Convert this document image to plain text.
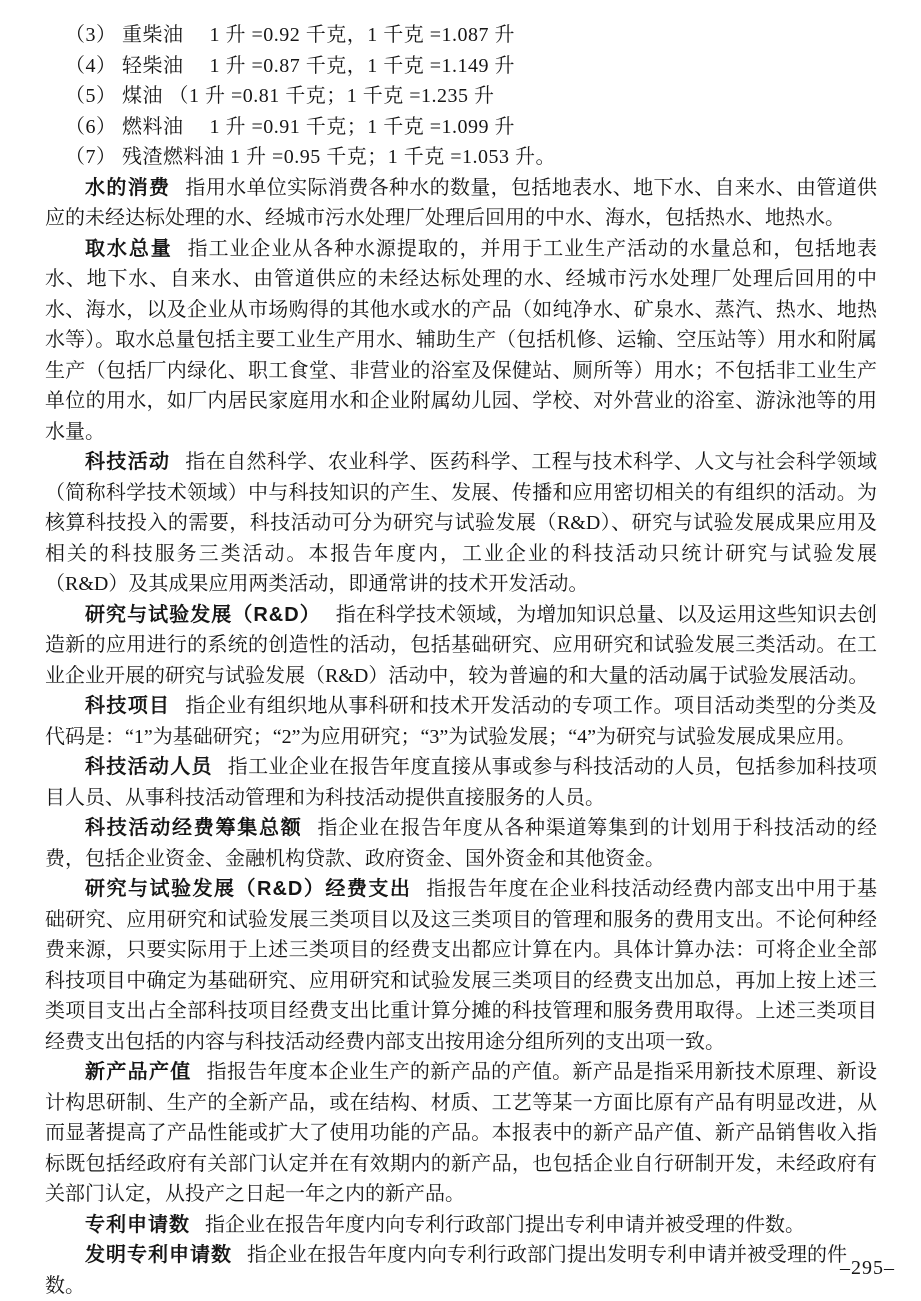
（3） 重柴油　 1 升 =0.92 千克，1 千克 =1.087 升

（4） 轻柴油　 1 升 =0.87 千克，1 千克 =1.149 升

（5） 煤油 （1 升 =0.81 千克；1 千克 =1.235 升

（6） 燃料油　 1 升 =0.91 千克；1 千克 =1.099 升

（7） 残渣燃料油 1 升 =0.95 千克；1 千克 =1.053 升。

水的消费 指用水单位实际消费各种水的数量，包括地表水、地下水、自来水、由管道供应的未经达标处理的水、经城市污水处理厂处理后回用的中水、海水，包括热水、地热水。

取水总量 指工业企业从各种水源提取的，并用于工业生产活动的水量总和，包括地表水、地下水、自来水、由管道供应的未经达标处理的水、经城市污水处理厂处理后回用的中水、海水，以及企业从市场购得的其他水或水的产品（如纯净水、矿泉水、蒸汽、热水、地热水等）。取水总量包括主要工业生产用水、辅助生产（包括机修、运输、空压站等）用水和附属生产（包括厂内绿化、职工食堂、非营业的浴室及保健站、厕所等）用水；不包括非工业生产单位的用水，如厂内居民家庭用水和企业附属幼儿园、学校、对外营业的浴室、游泳池等的用水量。

科技活动 指在自然科学、农业科学、医药科学、工程与技术科学、人文与社会科学领域（简称科学技术领域）中与科技知识的产生、发展、传播和应用密切相关的有组织的活动。为核算科技投入的需要，科技活动可分为研究与试验发展（R&D）、研究与试验发展成果应用及相关的科技服务三类活动。本报告年度内，工业企业的科技活动只统计研究与试验发展（R&D）及其成果应用两类活动，即通常讲的技术开发活动。

研究与试验发展（R&D） 指在科学技术领域，为增加知识总量、以及运用这些知识去创造新的应用进行的系统的创造性的活动，包括基础研究、应用研究和试验发展三类活动。在工业企业开展的研究与试验发展（R&D）活动中，较为普遍的和大量的活动属于试验发展活动。

科技项目 指企业有组织地从事科研和技术开发活动的专项工作。项目活动类型的分类及代码是：“1”为基础研究；“2”为应用研究；“3”为试验发展；“4”为研究与试验发展成果应用。

科技活动人员 指工业企业在报告年度直接从事或参与科技活动的人员，包括参加科技项目人员、从事科技活动管理和为科技活动提供直接服务的人员。

科技活动经费筹集总额 指企业在报告年度从各种渠道筹集到的计划用于科技活动的经费，包括企业资金、金融机构贷款、政府资金、国外资金和其他资金。

研究与试验发展（R&D）经费支出 指报告年度在企业科技活动经费内部支出中用于基础研究、应用研究和试验发展三类项目以及这三类项目的管理和服务的费用支出。不论何种经费来源，只要实际用于上述三类项目的经费支出都应计算在内。具体计算办法：可将企业全部科技项目中确定为基础研究、应用研究和试验发展三类项目的经费支出加总，再加上按上述三类项目支出占全部科技项目经费支出比重计算分摊的科技管理和服务费用取得。上述三类项目经费支出包括的内容与科技活动经费内部支出按用途分组所列的支出项一致。

新产品产值 指报告年度本企业生产的新产品的产值。新产品是指采用新技术原理、新设计构思研制、生产的全新产品，或在结构、材质、工艺等某一方面比原有产品有明显改进，从而显著提高了产品性能或扩大了使用功能的产品。本报表中的新产品产值、新产品销售收入指标既包括经政府有关部门认定并在有效期内的新产品，也包括企业自行研制开发，未经政府有关部门认定，从投产之日起一年之内的新产品。

专利申请数 指企业在报告年度内向专利行政部门提出专利申请并被受理的件数。

发明专利申请数 指企业在报告年度内向专利行政部门提出发明专利申请并被受理的件数。

–295–
